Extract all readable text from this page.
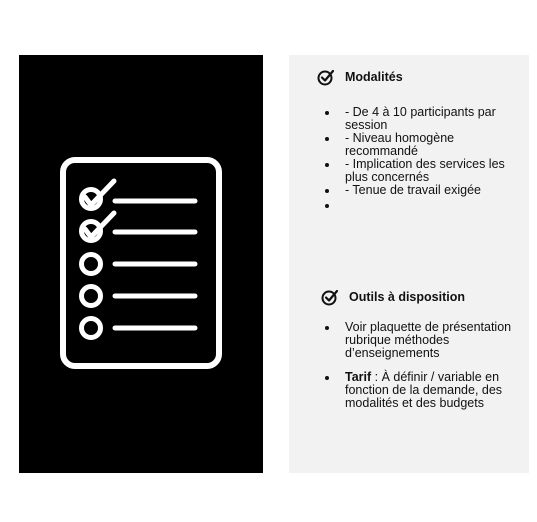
Modalités
- De 4 à 10 participants par session
- Niveau homogène recommandé
- Implication des services les plus concernés
- Tenue de travail exigée
Outils à disposition
Voir plaquette de présentation rubrique méthodes d’enseignements
Tarif : À définir / variable en fonction de la demande, des modalités et des budgets
